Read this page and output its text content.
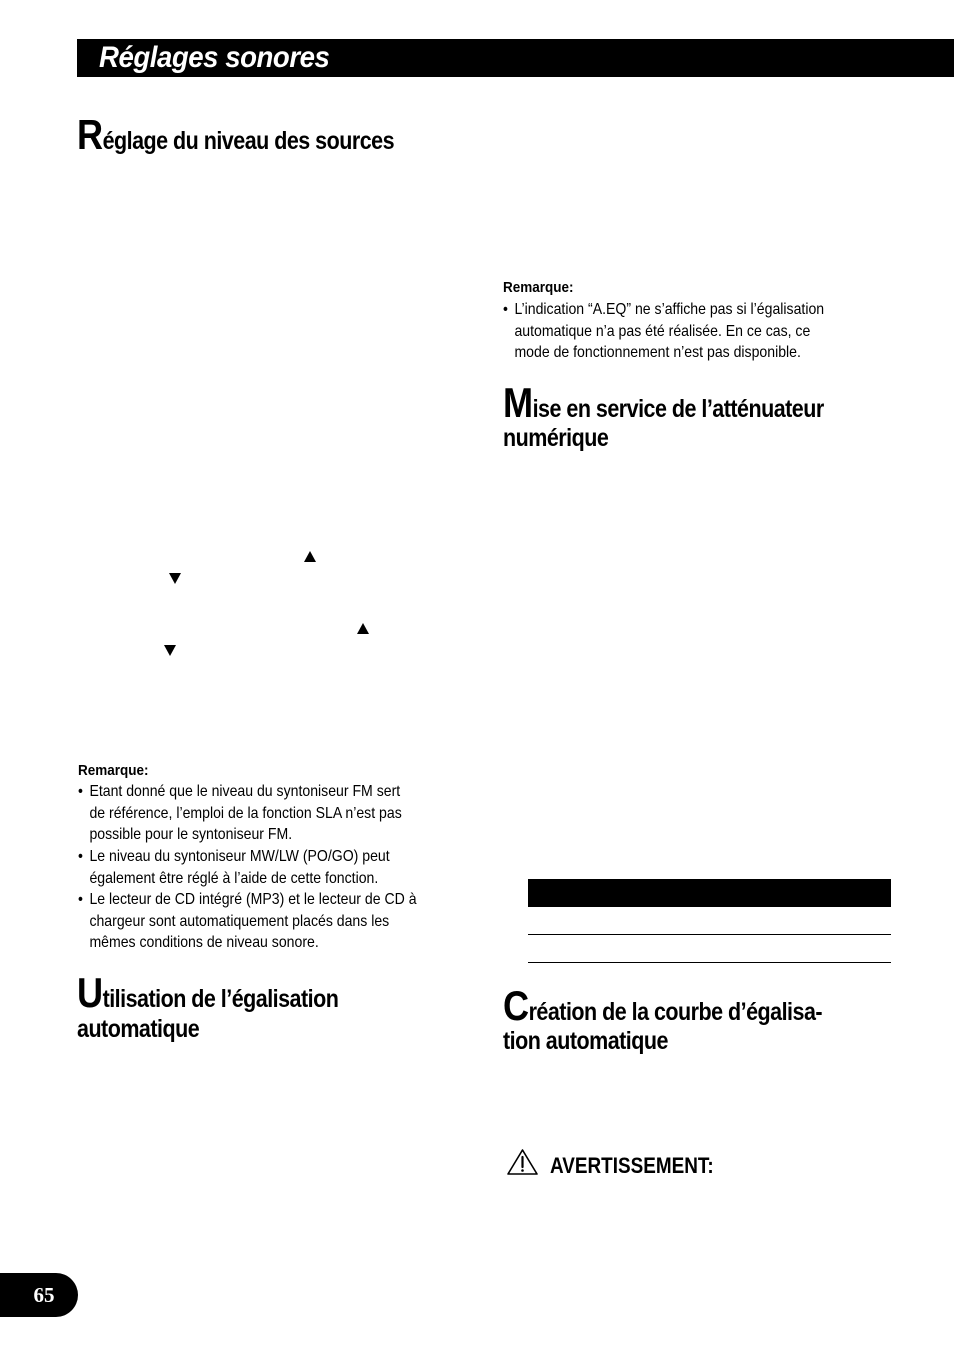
Réglages sonores
Réglage du niveau des sources
Remarque:
• Etant donné que le niveau du syntoniseur FM sert
de référence, l’emploi de la fonction SLA n’est pas
possible pour le syntoniseur FM.
• Le niveau du syntoniseur MW/LW (PO/GO) peut
également être réglé à l’aide de cette fonction.
• Le lecteur de CD intégré (MP3) et le lecteur de CD à
chargeur sont automatiquement placés dans les
mêmes conditions de niveau sonore.
Utilisation de l’égalisation
automatique
Remarque:
• L’indication “A.EQ” ne s’affiche pas si l’égalisation
automatique n’a pas été réalisée. En ce cas, ce
mode de fonctionnement n’est pas disponible.
Mise en service de l’atténuateur
numérique
Création de la courbe d’égalisa-
tion automatique
AVERTISSEMENT:
65
